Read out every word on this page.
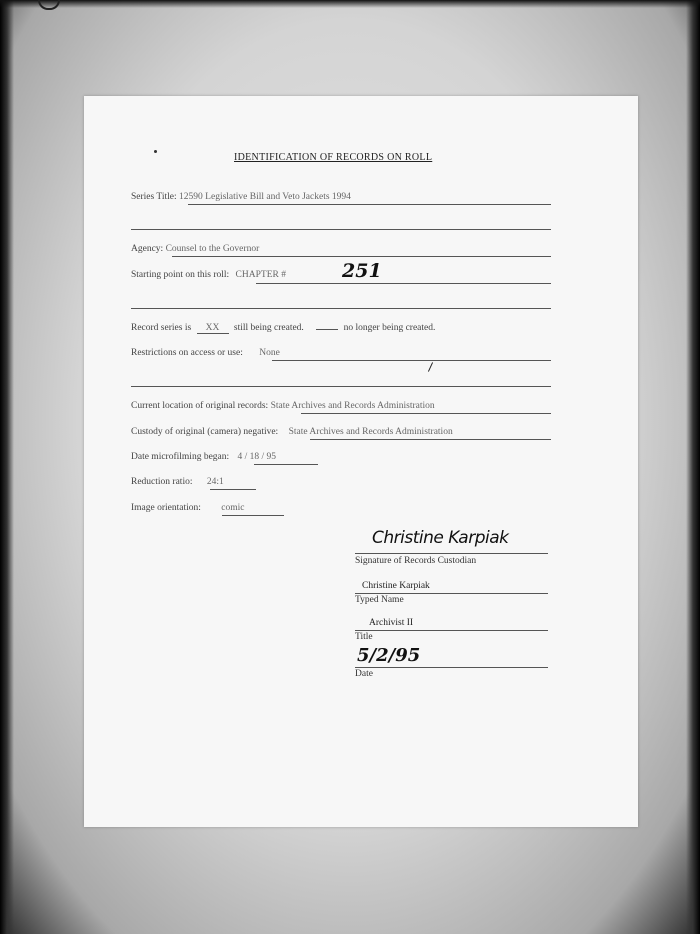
IDENTIFICATION OF RECORDS ON ROLL
Series Title: 12590 Legislative Bill and Veto Jackets 1994
Agency: Counsel to the Governor
Starting point on this roll: CHAPTER #	251
Record series is XX still being created.	no longer being created.
Restrictions on access or use: None
Current location of original records: State Archives and Records Administration
Custody of original (camera) negative: State Archives and Records Administration
Date microfilming began: 4 / 18 / 95
Reduction ratio: 24:1
Image orientation: comic
Christine Karpiak
Signature of Records Custodian
Christine Karpiak
Typed Name
Archivist II
Title
5/2/95
Date
